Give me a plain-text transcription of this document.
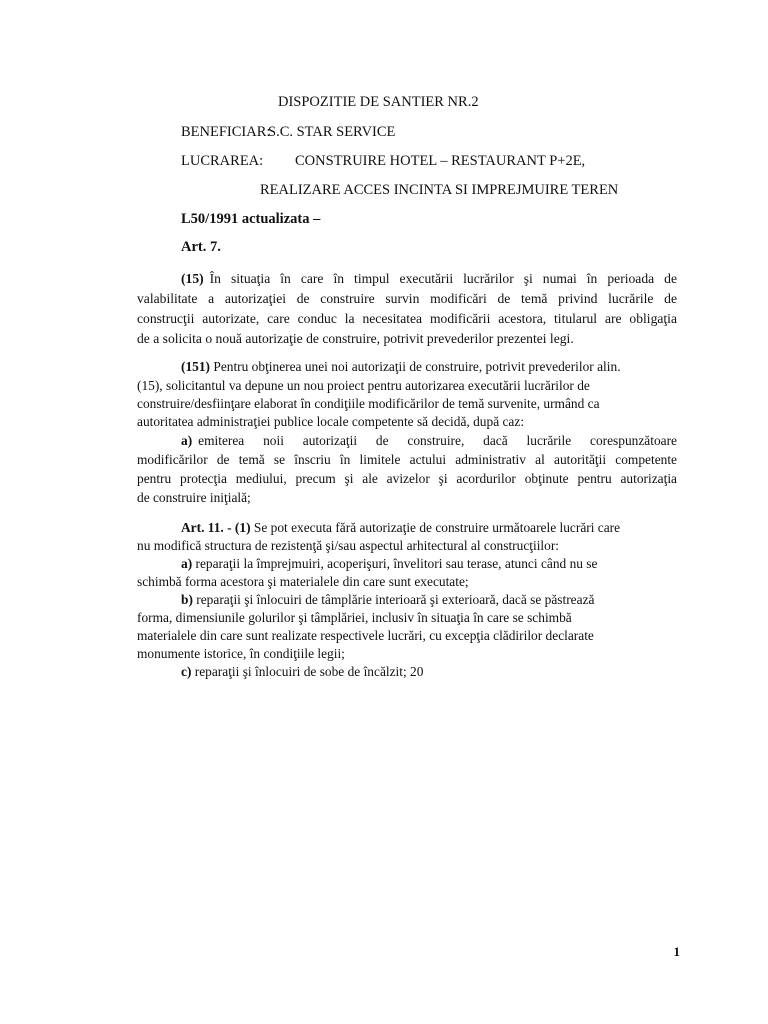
DISPOZITIE DE SANTIER NR.2
BENEFICIAR:
S.C. STAR SERVICE
LUCRAREA: CONSTRUIRE HOTEL – RESTAURANT P+2E,
REALIZARE ACCES INCINTA SI IMPREJMUIRE TEREN
L50/1991 actualizata –
Art. 7.
(15) În situaţia în care în timpul executării lucrărilor şi numai în perioada de
valabilitate a autorizaţiei de construire survin modificări de temă privind lucrările de
construcţii autorizate, care conduc la necesitatea modificării acestora, titularul are obligaţia
de a solicita o nouă autorizaţie de construire, potrivit prevederilor prezentei legi.
(151) Pentru obţinerea unei noi autorizaţii de construire, potrivit prevederilor alin.
(15), solicitantul va depune un nou proiect pentru autorizarea executării lucrărilor de
construire/desfiinţare elaborat în condiţiile modificărilor de temă survenite, urmând ca
autoritatea administraţiei publice locale competente să decidă, după caz:
a) emiterea noii autorizaţii de construire, dacă lucrările corespunzătoare
modificărilor de temă se înscriu în limitele actului administrativ al autorităţii competente
pentru protecţia mediului, precum şi ale avizelor şi acordurilor obţinute pentru autorizaţia
de construire iniţială;
Art. 11. - (1) Se pot executa fără autorizaţie de construire următoarele lucrări care
nu modifică structura de rezistenţă şi/sau aspectul arhitectural al construcţiilor:
a) reparaţii la împrejmuiri, acoperişuri, învelitori sau terase, atunci când nu se
schimbă forma acestora şi materialele din care sunt executate;
b) reparaţii şi înlocuiri de tâmplărie interioară şi exterioară, dacă se păstrează
forma, dimensiunile golurilor şi tâmplăriei, inclusiv în situaţia în care se schimbă
materialele din care sunt realizate respectivele lucrări, cu excepţia clădirilor declarate
monumente istorice, în condiţiile legii;
c) reparaţii şi înlocuiri de sobe de încălzit; 20
1
